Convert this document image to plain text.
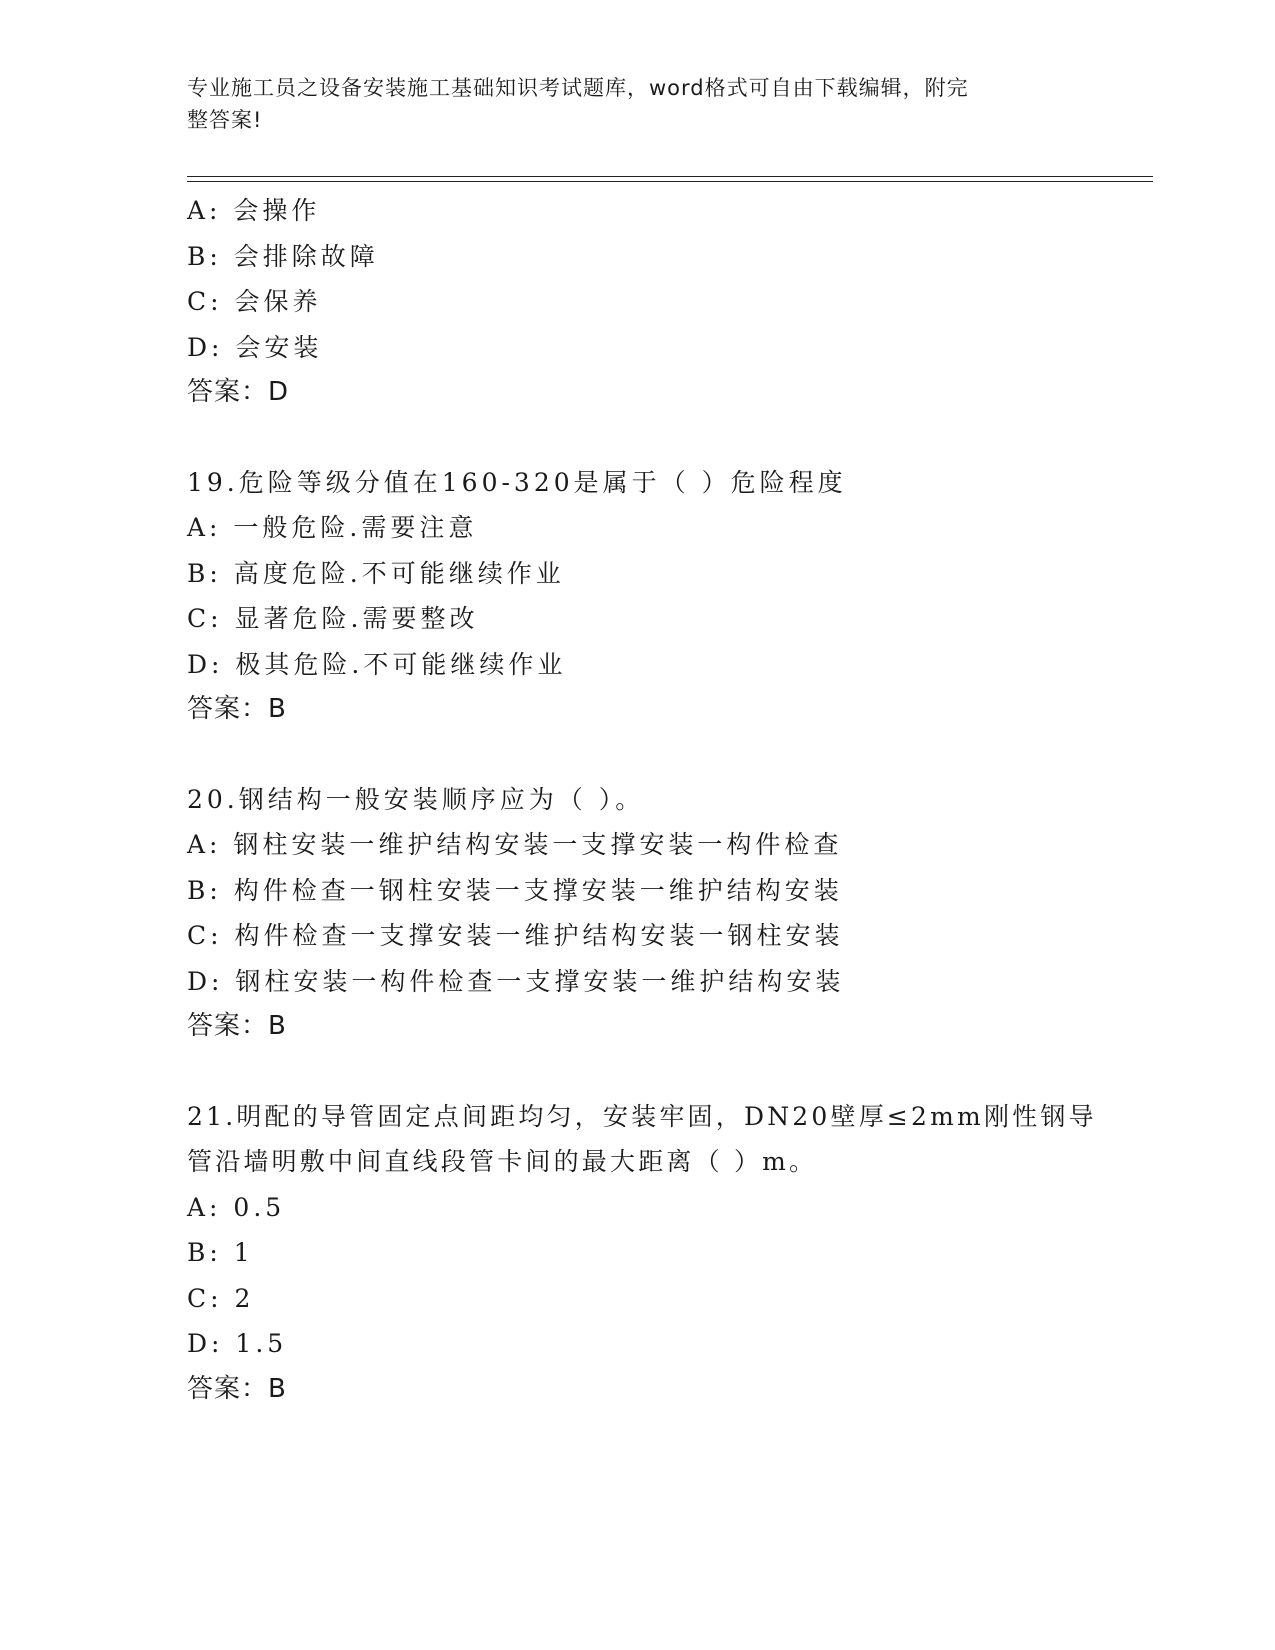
专业施工员之设备安装施工基础知识考试题库，word格式可自由下载编辑，附完
整答案!
A: 会操作
B: 会排除故障
C: 会保养
D: 会安装
答案：D
19.危险等级分值在160-320是属于（ ）危险程度
A: 一般危险.需要注意
B: 高度危险.不可能继续作业
C: 显著危险.需要整改
D: 极其危险.不可能继续作业
答案：B
20.钢结构一般安装顺序应为（ ）。
A: 钢柱安装一维护结构安装一支撑安装一构件检查
B: 构件检查一钢柱安装一支撑安装一维护结构安装
C: 构件检查一支撑安装一维护结构安装一钢柱安装
D: 钢柱安装一构件检查一支撑安装一维护结构安装
答案：B
21.明配的导管固定点间距均匀，安装牢固，DN20壁厚≤2mm刚性钢导
管沿墙明敷中间直线段管卡间的最大距离（ ）m。
A: 0.5
B: 1
C: 2
D: 1.5
答案：B
